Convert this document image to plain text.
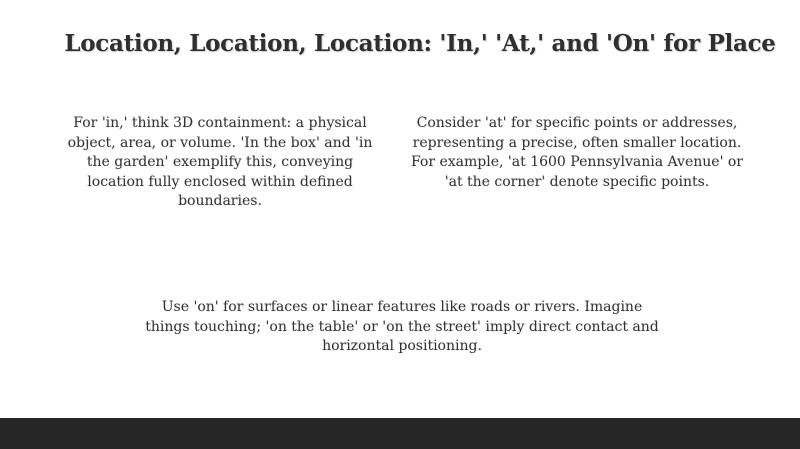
Location, Location, Location: 'In,' 'At,' and 'On' for Place
For 'in,' think 3D containment: a physical object, area, or volume. 'In the box' and 'in the garden' exemplify this, conveying location fully enclosed within defined boundaries.
Consider 'at' for specific points or addresses, representing a precise, often smaller location. For example, 'at 1600 Pennsylvania Avenue' or 'at the corner' denote specific points.
Use 'on' for surfaces or linear features like roads or rivers. Imagine things touching; 'on the table' or 'on the street' imply direct contact and horizontal positioning.
